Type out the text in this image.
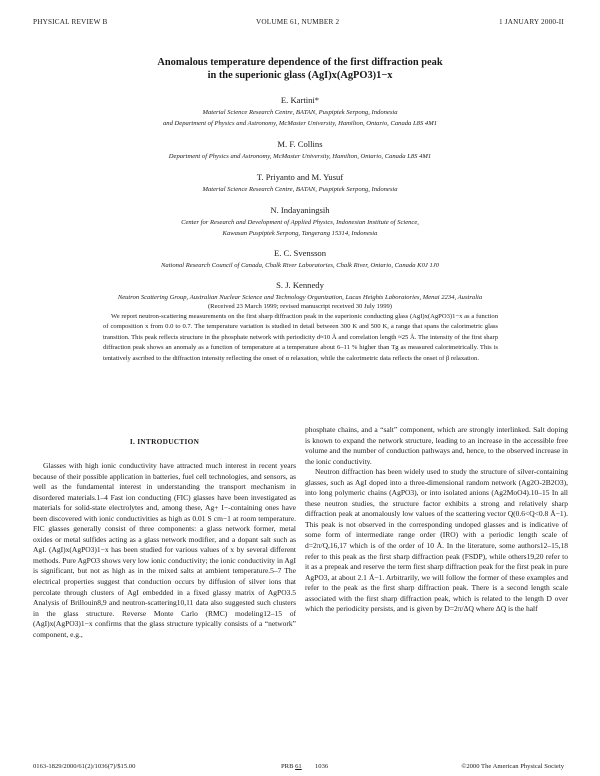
PHYSICAL REVIEW B	VOLUME 61, NUMBER 2	1 JANUARY 2000-II
Anomalous temperature dependence of the first diffraction peak
in the superionic glass (AgI)x(AgPO3)1−x
E. Kartini*
Material Science Research Centre, BATAN, Puspiptek Serpong, Indonesia
and Department of Physics and Astronomy, McMaster University, Hamilton, Ontario, Canada L8S 4M1
M. F. Collins
Department of Physics and Astronomy, McMaster University, Hamilton, Ontario, Canada L8S 4M1
T. Priyanto and M. Yusuf
Material Science Research Centre, BATAN, Puspiptek Serpong, Indonesia
N. Indayaningsih
Center for Research and Development of Applied Physics, Indonesian Institute of Science,
Kawasan Puspiptek Serpong, Tangerang 15314, Indonesia
E. C. Svensson
National Research Council of Canada, Chalk River Laboratories, Chalk River, Ontario, Canada K0J 1J0
S. J. Kennedy
Neutron Scattering Group, Australian Nuclear Science and Technology Organization, Lucas Heights Laboratories, Menai 2234, Australia
(Received 23 March 1999; revised manuscript received 30 July 1999)
We report neutron-scattering measurements on the first sharp diffraction peak in the superionic conducting glass (AgI)x(AgPO3)1−x as a function of composition x from 0.0 to 0.7. The temperature variation is studied in detail between 300 K and 500 K, a range that spans the calorimetric glass transition. This peak reflects structure in the phosphate network with periodicity d≈10 Å and correlation length ≈25 Å. The intensity of the first sharp diffraction peak shows an anomaly as a function of temperature at a temperature about 6–11 % higher than Tg as measured calorimetrically. This is tentatively ascribed to the diffraction intensity reflecting the onset of α relaxation, while the calorimetric data reflects the onset of β relaxation.
I. INTRODUCTION
Glasses with high ionic conductivity have attracted much interest in recent years because of their possible application in batteries, fuel cell technologies, and sensors, as well as the fundamental interest in understanding the transport mechanism in disordered materials.1–4 Fast ion conducting (FIC) glasses have been investigated as materials for solid-state electrolytes and, among these, Ag+ I−-containing ones have been discovered with ionic conductivities as high as 0.01 S cm−1 at room temperature. FIC glasses generally consist of three components: a glass network former, metal oxides or metal sulfides acting as a glass network modifier, and a dopant salt such as AgI. (AgI)x(AgPO3)1−x has been studied for various values of x by several different methods. Pure AgPO3 shows very low ionic conductivity; the ionic conductivity in AgI is significant, but not as high as in the mixed salts at ambient temperature.5–7 The electrical properties suggest that conduction occurs by diffusion of silver ions that percolate through clusters of AgI embedded in a fixed glassy matrix of AgPO3.5 Analysis of Brillouin8,9 and neutron-scattering10,11 data also suggested such clusters in the glass structure. Reverse Monte Carlo (RMC) modeling12–15 of (AgI)x(AgPO3)1−x confirms that the glass structure typically consists of a “network” component, e.g.,

phosphate chains, and a “salt” component, which are strongly interlinked. Salt doping is known to expand the network structure, leading to an increase in the accessible free volume and the number of conduction pathways and, hence, to the observed increase in the ionic conductivity.

Neutron diffraction has been widely used to study the structure of silver-containing glasses, such as AgI doped into a three-dimensional random network (Ag2O-2B2O3), into long polymeric chains (AgPO3), or into isolated anions (Ag2MoO4).10–15 In all these neutron studies, the structure factor exhibits a strong and relatively sharp diffraction peak at anomalously low values of the scattering vector Q(0.6<Q<0.8 Å−1). This peak is not observed in the corresponding undoped glasses and is indicative of some form of intermediate range order (IRO) with a periodic length scale of d=2π/Q,16,17 which is of the order of 10 Å. In the literature, some authors12–15,18 refer to this peak as the first sharp diffraction peak (FSDP), while others19,20 refer to it as a prepeak and reserve the term first sharp diffraction peak for the first peak in pure AgPO3, at about 2.1 Å−1. Arbitrarily, we will follow the former of these examples and refer to the peak as the first sharp diffraction peak. There is a second length scale associated with the first sharp diffraction peak, which is related to the length D over which the periodicity persists, and is given by D=2π/ΔQ where ΔQ is the half

0163-1829/2000/61(2)/1036(7)/$15.00	PRB 61 1036	©2000 The American Physical Society
